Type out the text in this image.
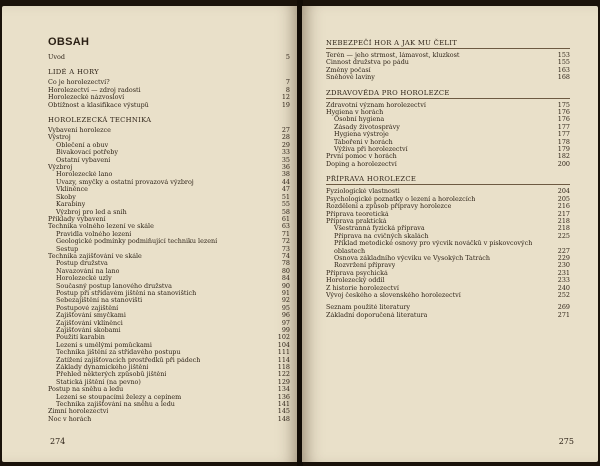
OBSAH
Úvod	5
LIDÉ A HORY
Co je horolezectví?	7
Horolezectví — zdroj radosti	8
Horolezecké názvosloví	12
Obtížnost a klasifikace výstupů	19
HOROLEZECKÁ TECHNIKA
Vybavení horolezce	27
Výstroj	28
Oblečení a obuv	29
Bivakovací potřeby	33
Ostatní vybavení	35
Výzbroj	36
Horolezecké lano	38
Úvazy, smyčky a ostatní provazová výzbroj	44
Vklíněnce	47
Skoby	51
Karabiny	55
Výzbroj pro led a sníh	58
Příklady vybavení	61
Technika volného lezení ve skále	63
Pravidla volného lezení	71
Geologické podmínky podmiňující techniku lezení	72
Sestup	73
Technika zajišťování ve skále	74
Postup družstva	78
Navazování na lano	80
Horolezecké uzly	84
Současný postup lanového družstva	90
Postup při střídavém jištění na stanovištích	91
Sebezajištění na stanovišti	92
Postupové zajištění	95
Zajišťování smyčkami	96
Zajišťování vklíněnci	97
Zajišťování skobami	99
Použití karabin	102
Lezení s umělými pomůckami	104
Technika jištění za střídavého postupu	111
Zatížení zajišťovacích prostředků při pádech	114
Základy dynamického jištění	118
Přehled některých způsobů jištění	122
Statická jištění (na pevno)	129
Postup na sněhu a ledu	134
Lezení se stoupacími železy a cepínem	136
Technika zajišťování na sněhu a ledu	141
Zimní horolezectví	145
Noc v horách	148
274
NEBEZPEČÍ HOR A JAK MU ČELIT
Terén — jeho strmost, lámavost, kluzkost	153
Činnost družstva po pádu	155
Změny počasí	163
Sněhové laviny	168
ZDRAVOVĚDA PRO HOROLEZCE
Zdravotní význam horolezectví	175
Hygiena v horách	176
Osobní hygiena	176
Zásady životosprávy	177
Hygiena výstroje	177
Tábořeni v horách	178
Výživa při horolezectví	179
První pomoc v horách	182
Doping a horolezectví	200
PŘÍPRAVA HOROLEZCE
Fyziologické vlastnosti	204
Psychologické poznatky o lezení a horolezcích	205
Rozdělení a způsob přípravy horolezce	216
Příprava teoretická	217
Příprava praktická	218
Všestranná fyzická příprava	218
Příprava na cvičných skalách	225
Příklad metodické osnovy pro výcvik nováčků v pískovcových
oblastech	227
Osnova základního výcviku ve Vysokých Tatrách	229
Rozvržení přípravy	230
Příprava psychická	231
Horolezecký oddíl	233
Z historie horolezectví	240
Vývoj českého a slovenského horolezectví	252
Seznam použité literatury	269
Základní doporučená literatura	271
275
